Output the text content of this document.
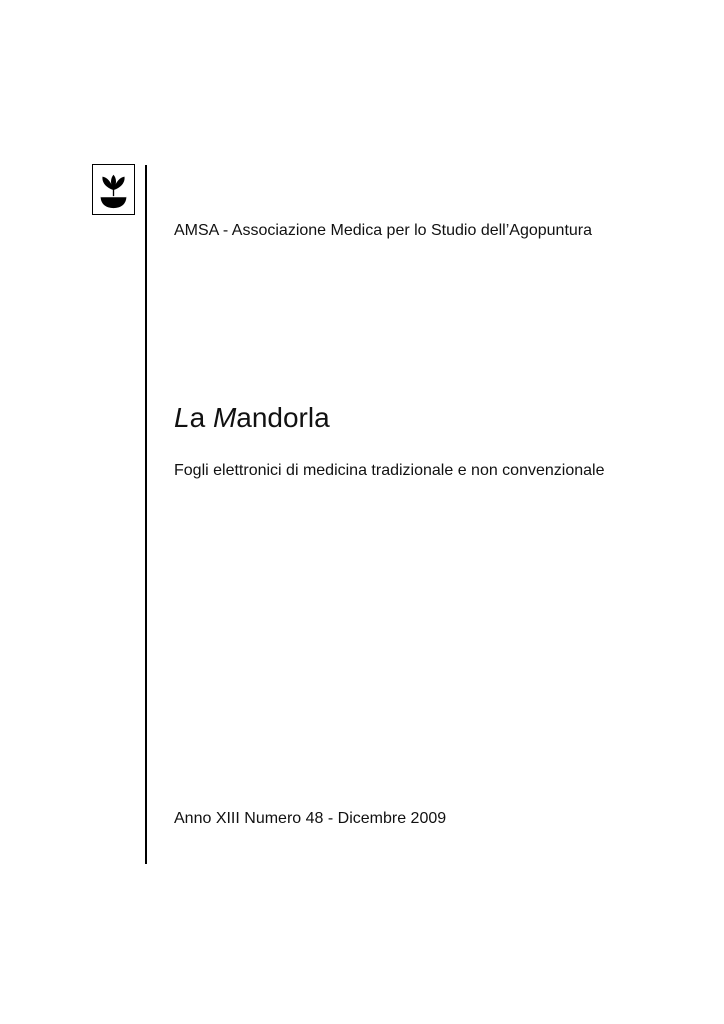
AMSA - Associazione Medica per lo Studio dell’Agopuntura
La Mandorla
Fogli elettronici di medicina tradizionale e non convenzionale
Anno XIII Numero 48 - Dicembre 2009
